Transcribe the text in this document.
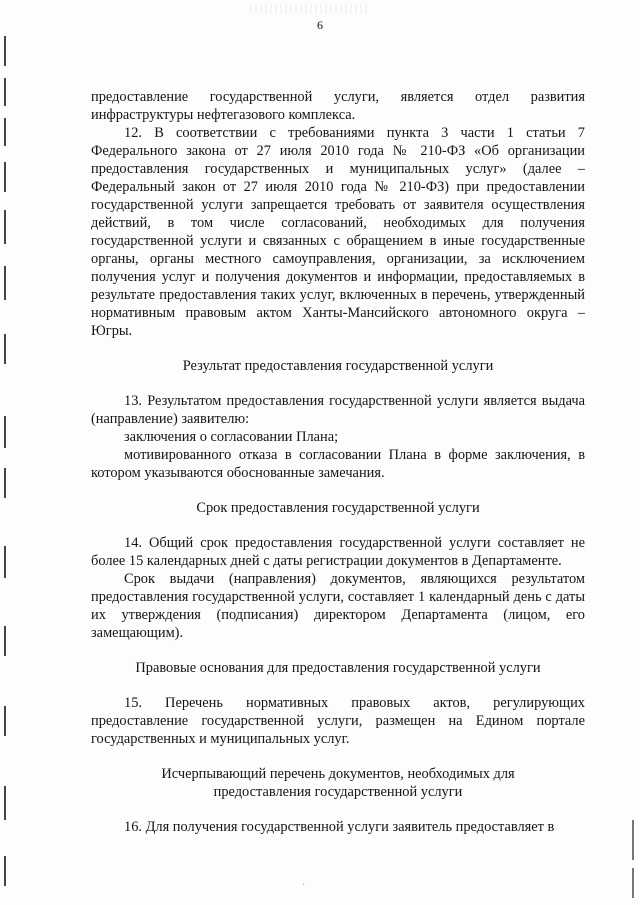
6

предоставление государственной услуги, является отдел развития инфраструктуры нефтегазового комплекса.

12. В соответствии с требованиями пункта 3 части 1 статьи 7 Федерального закона от 27 июля 2010 года № 210-ФЗ «Об организации предоставления государственных и муниципальных услуг» (далее – Федеральный закон от 27 июля 2010 года № 210-ФЗ) при предоставлении государственной услуги запрещается требовать от заявителя осуществления действий, в том числе согласований, необходимых для получения государственной услуги и связанных с обращением в иные государственные органы, органы местного самоуправления, организации, за исключением получения услуг и получения документов и информации, предоставляемых в результате предоставления таких услуг, включенных в перечень, утвержденный нормативным правовым актом Ханты-Мансийского автономного округа – Югры.

Результат предоставления государственной услуги

13. Результатом предоставления государственной услуги является выдача (направление) заявителю:

заключения о согласовании Плана;

мотивированного отказа в согласовании Плана в форме заключения, в котором указываются обоснованные замечания.

Срок предоставления государственной услуги

14. Общий срок предоставления государственной услуги составляет не более 15 календарных дней с даты регистрации документов в Департаменте.

Срок выдачи (направления) документов, являющихся результатом предоставления государственной услуги, составляет 1 календарный день с даты их утверждения (подписания) директором Департамента (лицом, его замещающим).

Правовые основания для предоставления государственной услуги

15. Перечень нормативных правовых актов, регулирующих предоставление государственной услуги, размещен на Едином портале государственных и муниципальных услуг.

Исчерпывающий перечень документов, необходимых для

предоставления государственной услуги

16. Для получения государственной услуги заявитель предоставляет в

·
